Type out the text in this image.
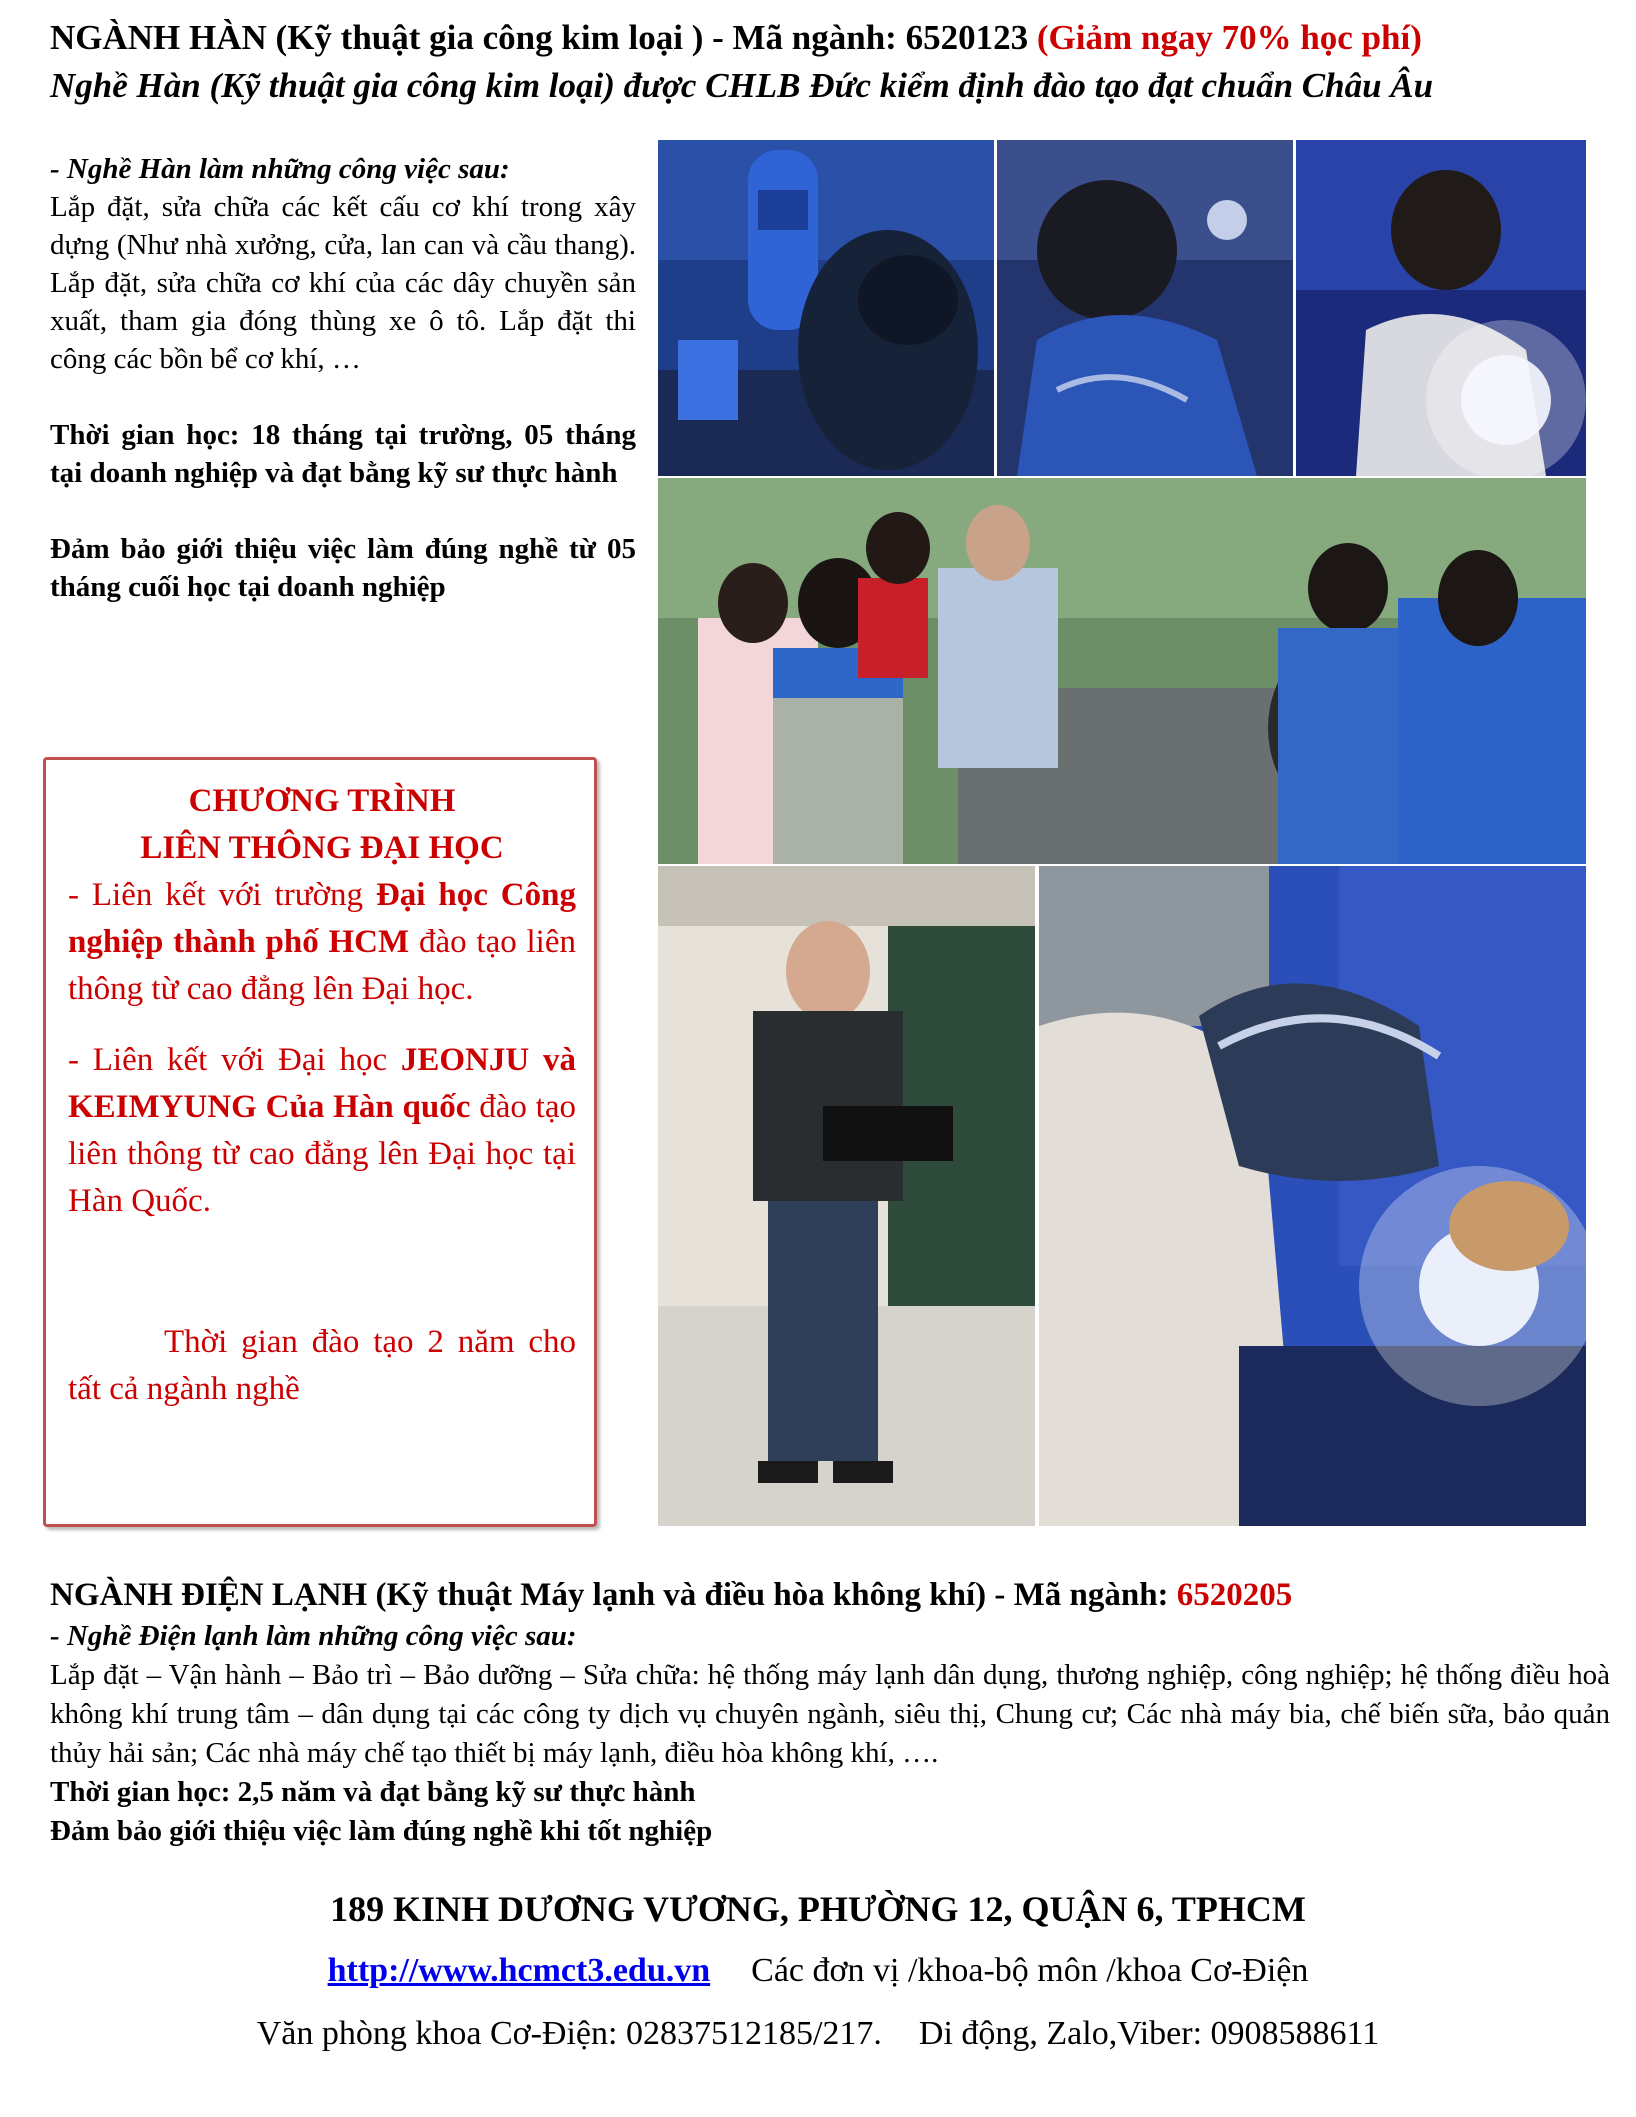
NGÀNH HÀN (Kỹ thuật gia công kim loại ) - Mã ngành: 6520123 (Giảm ngay 70% học phí)
Nghề Hàn (Kỹ thuật gia công kim loại) được CHLB Đức kiểm định đào tạo đạt chuẩn Châu Âu

- Nghề Hàn làm những công việc sau:

Lắp đặt, sửa chữa các kết cấu cơ khí trong xây dựng (Như nhà xưởng, cửa, lan can và cầu thang). Lắp đặt, sửa chữa cơ khí của các dây chuyền sản xuất, tham gia đóng thùng xe ô tô. Lắp đặt thi công các bồn bể cơ khí, …

Thời gian học: 18 tháng tại trường, 05 tháng tại doanh nghiệp và đạt bằng kỹ sư thực hành

Đảm bảo giới thiệu việc làm đúng nghề từ 05 tháng cuối học tại doanh nghiệp

CHƯƠNG TRÌNH

LIÊN THÔNG ĐẠI HỌC

- Liên kết với trường Đại học Công nghiệp thành phố HCM đào tạo liên thông từ cao đẳng lên Đại học.

- Liên kết với Đại học JEONJU và KEIMYUNG Của Hàn quốc đào tạo liên thông từ cao đẳng lên Đại học tại Hàn Quốc.

Thời gian đào tạo 2 năm cho tất cả ngành nghề

NGÀNH ĐIỆN LẠNH (Kỹ thuật Máy lạnh và điều hòa không khí) - Mã ngành: 6520205

- Nghề Điện lạnh làm những công việc sau:

Lắp đặt – Vận hành – Bảo trì – Bảo dưỡng – Sửa chữa: hệ thống máy lạnh dân dụng, thương nghiệp, công nghiệp; hệ thống điều hoà không khí trung tâm – dân dụng tại các công ty dịch vụ chuyên ngành, siêu thị, Chung cư; Các nhà máy bia, chế biến sữa, bảo quản thủy hải sản; Các nhà máy chế tạo thiết bị máy lạnh, điều hòa không khí, ….

Thời gian học: 2,5 năm và đạt bằng kỹ sư thực hành

Đảm bảo giới thiệu việc làm đúng nghề khi tốt nghiệp

189 KINH DƯƠNG VƯƠNG, PHƯỜNG 12, QUẬN 6, TPHCM
http://www.hcmct3.edu.vn Các đơn vị /khoa-bộ môn /khoa Cơ-Điện
Văn phòng khoa Cơ-Điện: 02837512185/217. Di động, Zalo,Viber: 0908588611
